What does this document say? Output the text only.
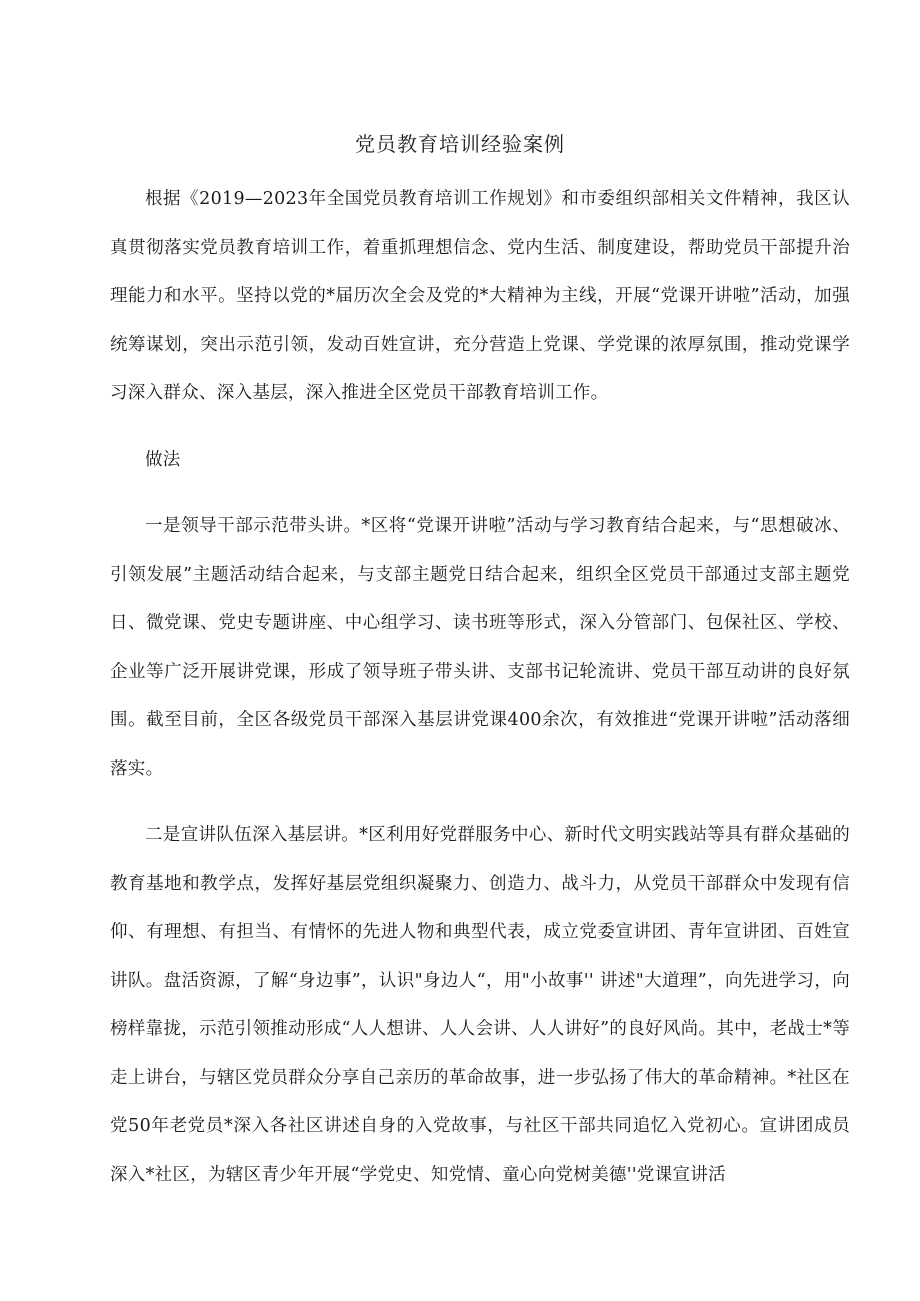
党员教育培训经验案例

根据《2019—2023年全国党员教育培训工作规划》和市委组织部相关文件精神，我区认真贯彻落实党员教育培训工作，着重抓理想信念、党内生活、制度建设，帮助党员干部提升治理能力和水平。坚持以党的*届历次全会及党的*大精神为主线，开展“党课开讲啦”活动，加强统筹谋划，突出示范引领，发动百姓宣讲，充分营造上党课、学党课的浓厚氛围，推动党课学习深入群众、深入基层，深入推进全区党员干部教育培训工作。

做法

一是领导干部示范带头讲。*区将“党课开讲啦”活动与学习教育结合起来，与“思想破冰、引领发展”主题活动结合起来，与支部主题党日结合起来，组织全区党员干部通过支部主题党日、微党课、党史专题讲座、中心组学习、读书班等形式，深入分管部门、包保社区、学校、企业等广泛开展讲党课，形成了领导班子带头讲、支部书记轮流讲、党员干部互动讲的良好氛围。截至目前，全区各级党员干部深入基层讲党课400余次，有效推进“党课开讲啦”活动落细落实。

二是宣讲队伍深入基层讲。*区利用好党群服务中心、新时代文明实践站等具有群众基础的教育基地和教学点，发挥好基层党组织凝聚力、创造力、战斗力，从党员干部群众中发现有信仰、有理想、有担当、有情怀的先进人物和典型代表，成立党委宣讲团、青年宣讲团、百姓宣讲队。盘活资源，了解“身边事”，认识"身边人“，用"小故事'' 讲述"大道理”，向先进学习，向榜样靠拢，示范引领推动形成“人人想讲、人人会讲、人人讲好”的良好风尚。其中，老战士*等走上讲台，与辖区党员群众分享自己亲历的革命故事，进一步弘扬了伟大的革命精神。*社区在党50年老党员*深入各社区讲述自身的入党故事，与社区干部共同追忆入党初心。宣讲团成员深入*社区，为辖区青少年开展“学党史、知党情、童心向党树美德''党课宣讲活
